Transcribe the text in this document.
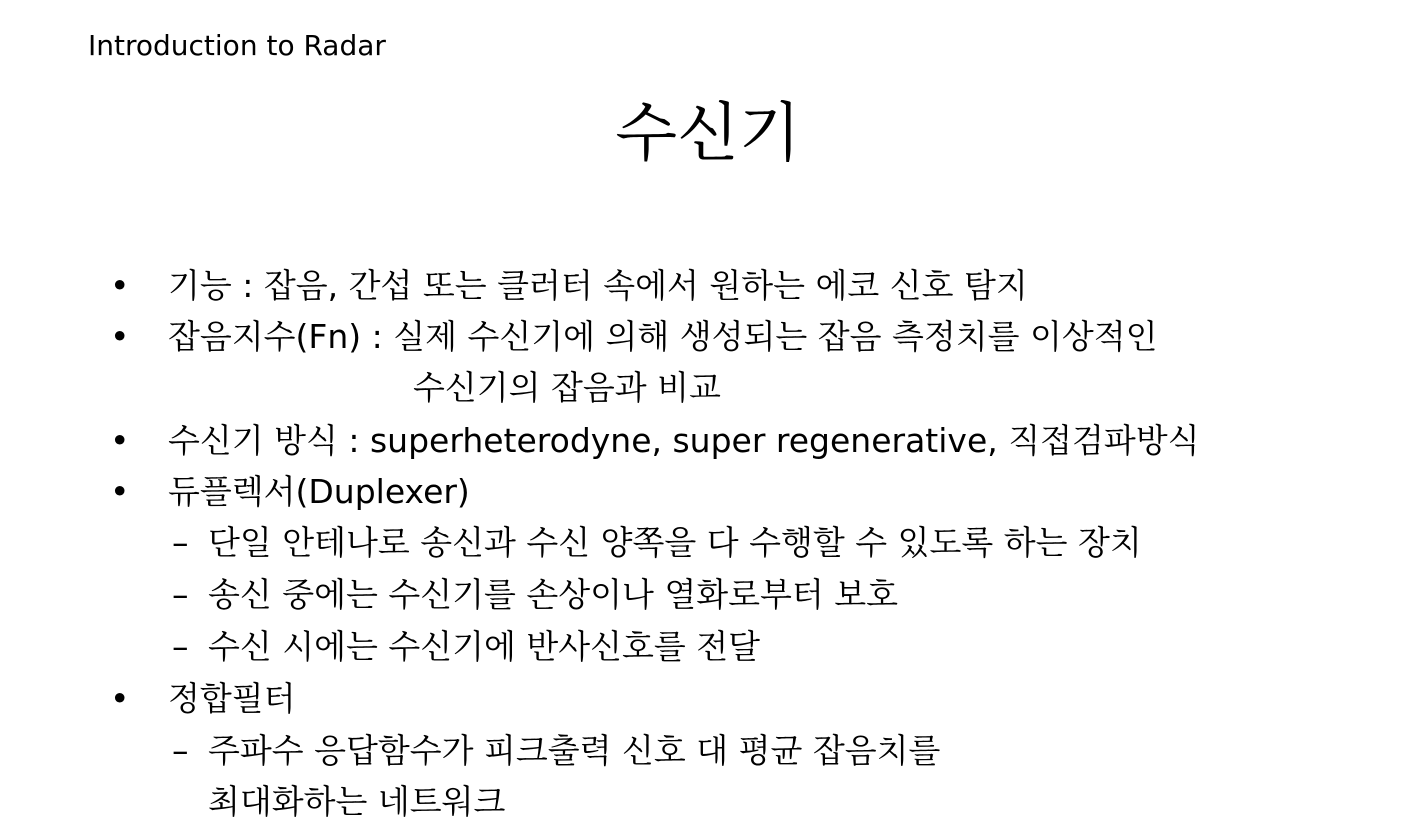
Introduction to Radar
수신기
• 기능 : 잡음, 간섭 또는 클러터 속에서 원하는 에코 신호 탐지
• 잡음지수(Fn) : 실제 수신기에 의해 생성되는 잡음 측정치를 이상적인
수신기의 잡음과 비교
• 수신기 방식 : superheterodyne, super regenerative, 직접검파방식
• 듀플렉서(Duplexer)
– 단일 안테나로 송신과 수신 양쪽을 다 수행할 수 있도록 하는 장치
– 송신 중에는 수신기를 손상이나 열화로부터 보호
– 수신 시에는 수신기에 반사신호를 전달
• 정합필터
– 주파수 응답함수가 피크출력 신호 대 평균 잡음치를
최대화하는 네트워크
